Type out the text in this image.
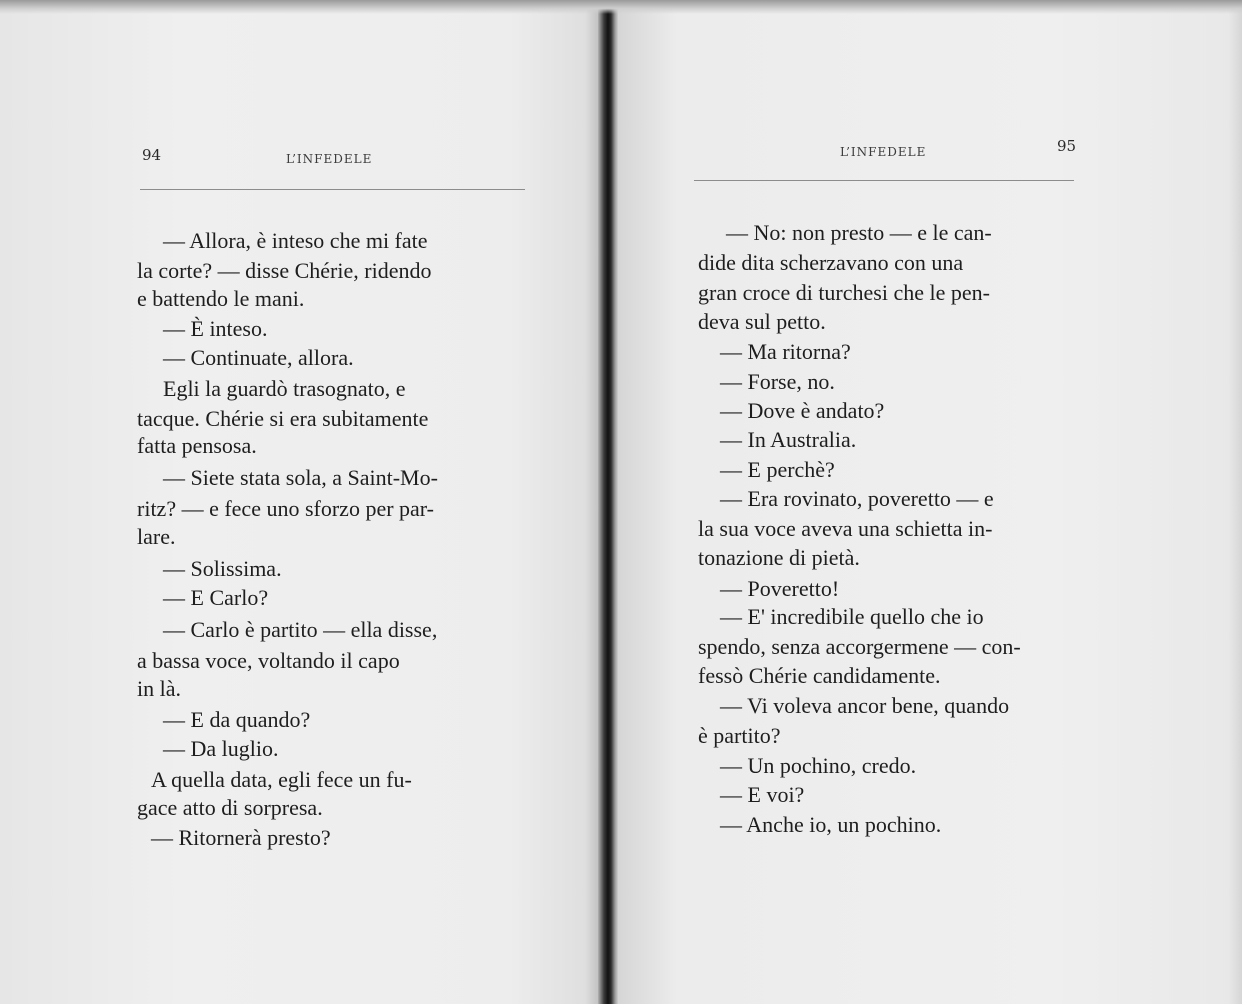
94	L’INFEDELE
— Allora, è inteso che mi fate
la corte? — disse Chérie, ridendo
e battendo le mani.
— È inteso.
— Continuate, allora.
Egli la guardò trasognato, e
tacque. Chérie si era subitamente
fatta pensosa.
— Siete stata sola, a Saint-Mo-
ritz? — e fece uno sforzo per par-
lare.
— Solissima.
— E Carlo?
— Carlo è partito — ella disse,
a bassa voce, voltando il capo
in là.
— E da quando?
— Da luglio.
A quella data, egli fece un fu-
gace atto di sorpresa.
— Ritornerà presto?
L’INFEDELE	95
— No: non presto — e le can-
dide dita scherzavano con una
gran croce di turchesi che le pen-
deva sul petto.
— Ma ritorna?
— Forse, no.
— Dove è andato?
— In Australia.
— E perchè?
— Era rovinato, poveretto — e
la sua voce aveva una schietta in-
tonazione di pietà.
— Poveretto!
— E' incredibile quello che io
spendo, senza accorgermene — con-
fessò Chérie candidamente.
— Vi voleva ancor bene, quando
è partito?
— Un pochino, credo.
— E voi?
— Anche io, un pochino.
